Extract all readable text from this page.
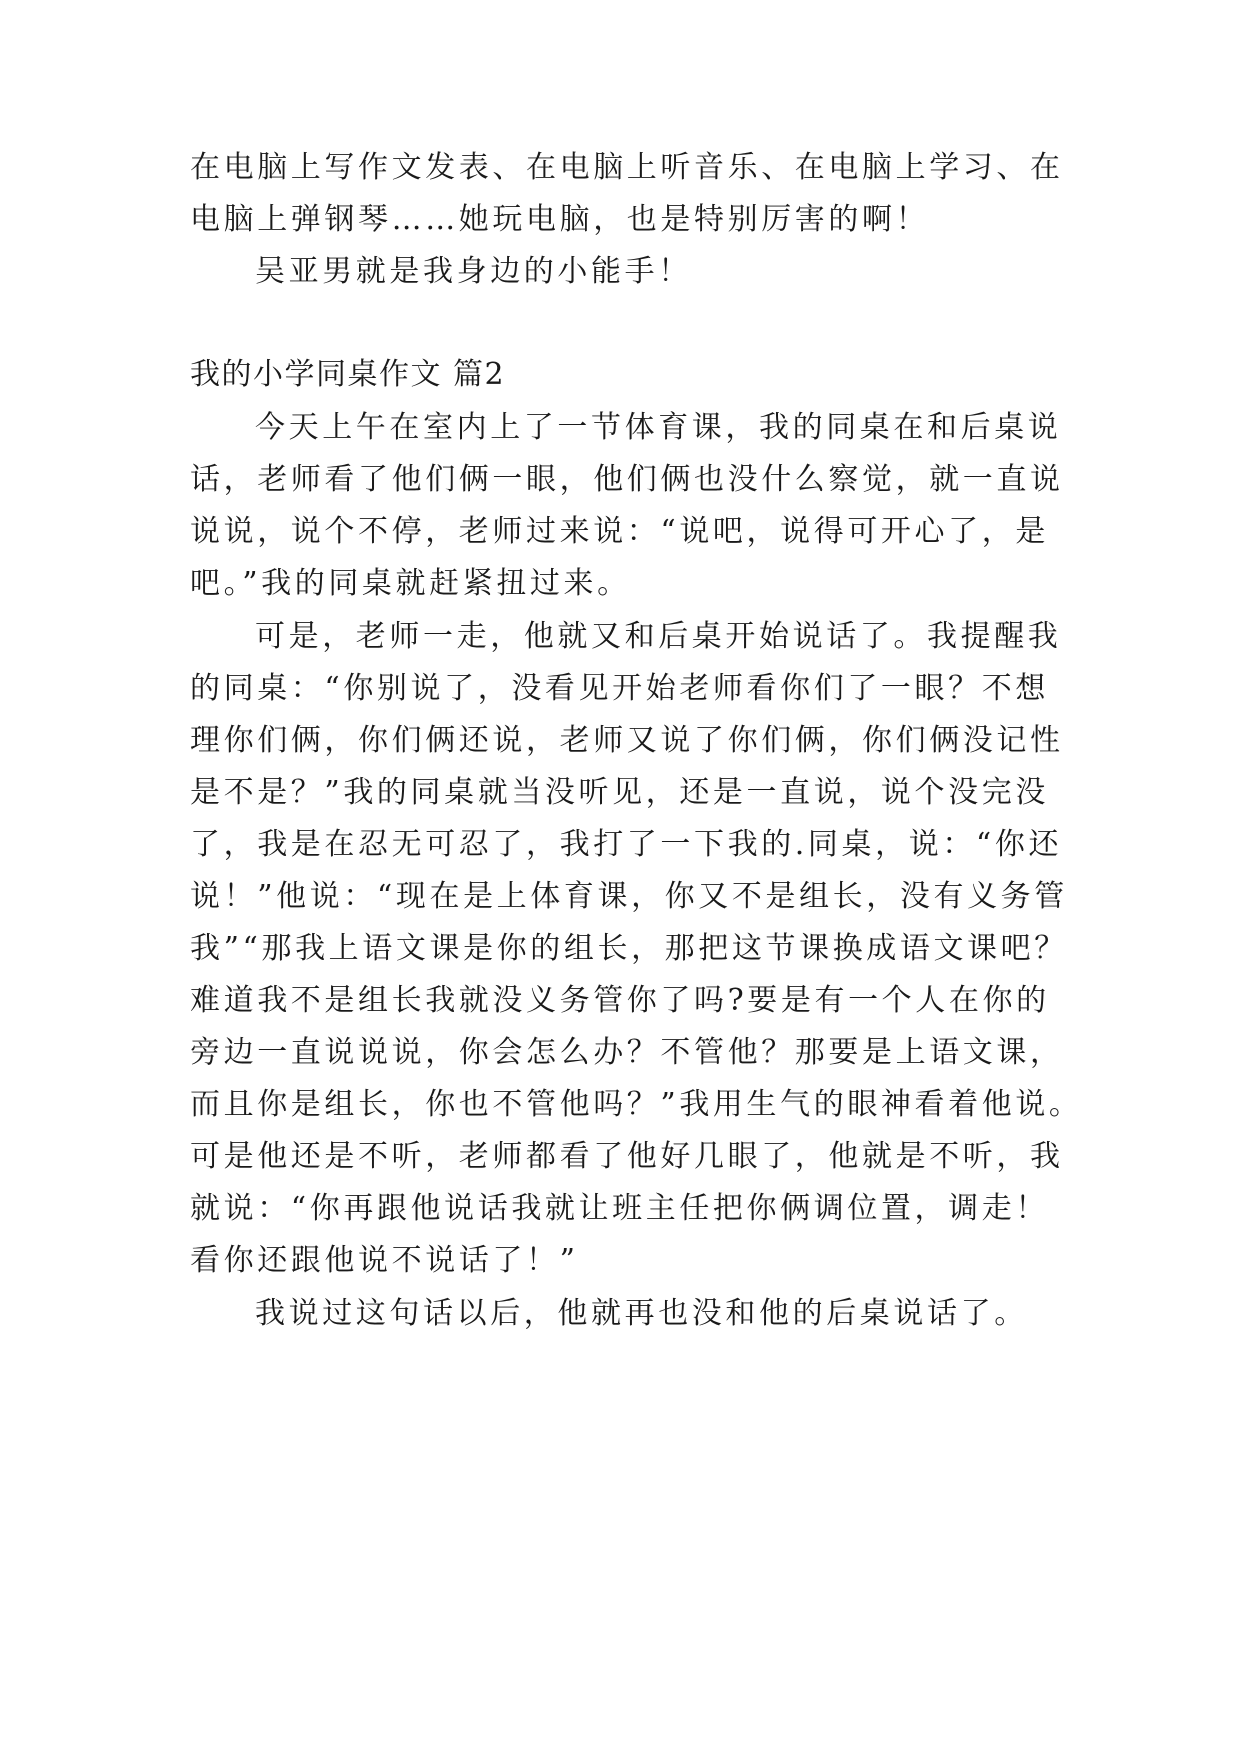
在电脑上写作文发表、在电脑上听音乐、在电脑上学习、在
电脑上弹钢琴……她玩电脑，也是特别厉害的啊！
吴亚男就是我身边的小能手！
我的小学同桌作文 篇2
今天上午在室内上了一节体育课，我的同桌在和后桌说
话，老师看了他们俩一眼，他们俩也没什么察觉，就一直说
说说，说个不停，老师过来说：“说吧，说得可开心了，是
吧。”我的同桌就赶紧扭过来。
可是，老师一走，他就又和后桌开始说话了。我提醒我
的同桌：“你别说了，没看见开始老师看你们了一眼？不想
理你们俩，你们俩还说，老师又说了你们俩，你们俩没记性
是不是？”我的同桌就当没听见，还是一直说，说个没完没
了，我是在忍无可忍了，我打了一下我的.同桌，说：“你还
说！”他说：“现在是上体育课，你又不是组长，没有义务管
我”“那我上语文课是你的组长，那把这节课换成语文课吧？
难道我不是组长我就没义务管你了吗?要是有一个人在你的
旁边一直说说说，你会怎么办？不管他？那要是上语文课，
而且你是组长，你也不管他吗？”我用生气的眼神看着他说。
可是他还是不听，老师都看了他好几眼了，他就是不听，我
就说：“你再跟他说话我就让班主任把你俩调位置，调走！
看你还跟他说不说话了！”
我说过这句话以后，他就再也没和他的后桌说话了。
